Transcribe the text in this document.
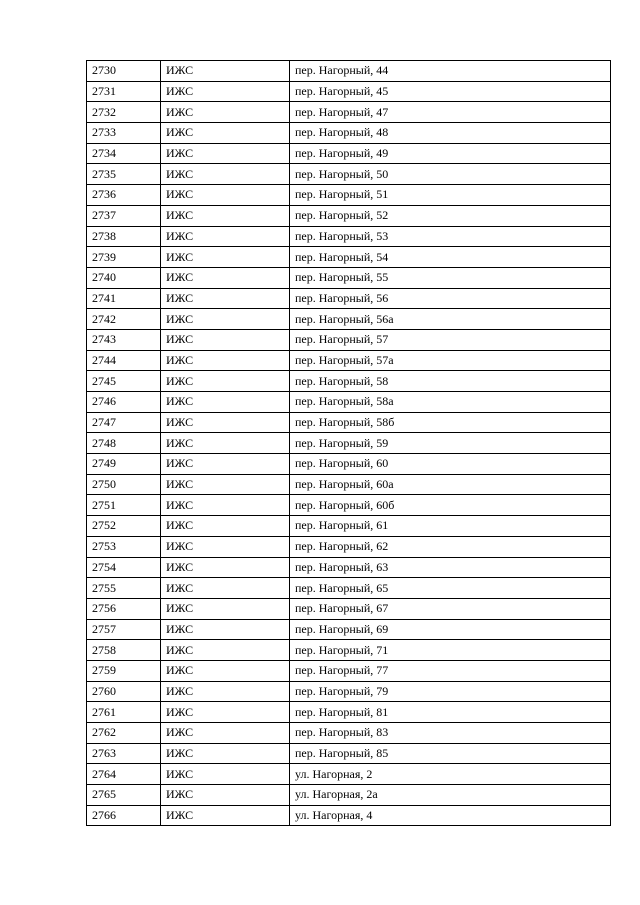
2730	ИЖС	пер. Нагорный, 44
2731	ИЖС	пер. Нагорный, 45
2732	ИЖС	пер. Нагорный, 47
2733	ИЖС	пер. Нагорный, 48
2734	ИЖС	пер. Нагорный, 49
2735	ИЖС	пер. Нагорный, 50
2736	ИЖС	пер. Нагорный, 51
2737	ИЖС	пер. Нагорный, 52
2738	ИЖС	пер. Нагорный, 53
2739	ИЖС	пер. Нагорный, 54
2740	ИЖС	пер. Нагорный, 55
2741	ИЖС	пер. Нагорный, 56
2742	ИЖС	пер. Нагорный, 56а
2743	ИЖС	пер. Нагорный, 57
2744	ИЖС	пер. Нагорный, 57а
2745	ИЖС	пер. Нагорный, 58
2746	ИЖС	пер. Нагорный, 58а
2747	ИЖС	пер. Нагорный, 58б
2748	ИЖС	пер. Нагорный, 59
2749	ИЖС	пер. Нагорный, 60
2750	ИЖС	пер. Нагорный, 60а
2751	ИЖС	пер. Нагорный, 60б
2752	ИЖС	пер. Нагорный, 61
2753	ИЖС	пер. Нагорный, 62
2754	ИЖС	пер. Нагорный, 63
2755	ИЖС	пер. Нагорный, 65
2756	ИЖС	пер. Нагорный, 67
2757	ИЖС	пер. Нагорный, 69
2758	ИЖС	пер. Нагорный, 71
2759	ИЖС	пер. Нагорный, 77
2760	ИЖС	пер. Нагорный, 79
2761	ИЖС	пер. Нагорный, 81
2762	ИЖС	пер. Нагорный, 83
2763	ИЖС	пер. Нагорный, 85
2764	ИЖС	ул. Нагорная, 2
2765	ИЖС	ул. Нагорная, 2а
2766	ИЖС	ул. Нагорная, 4
